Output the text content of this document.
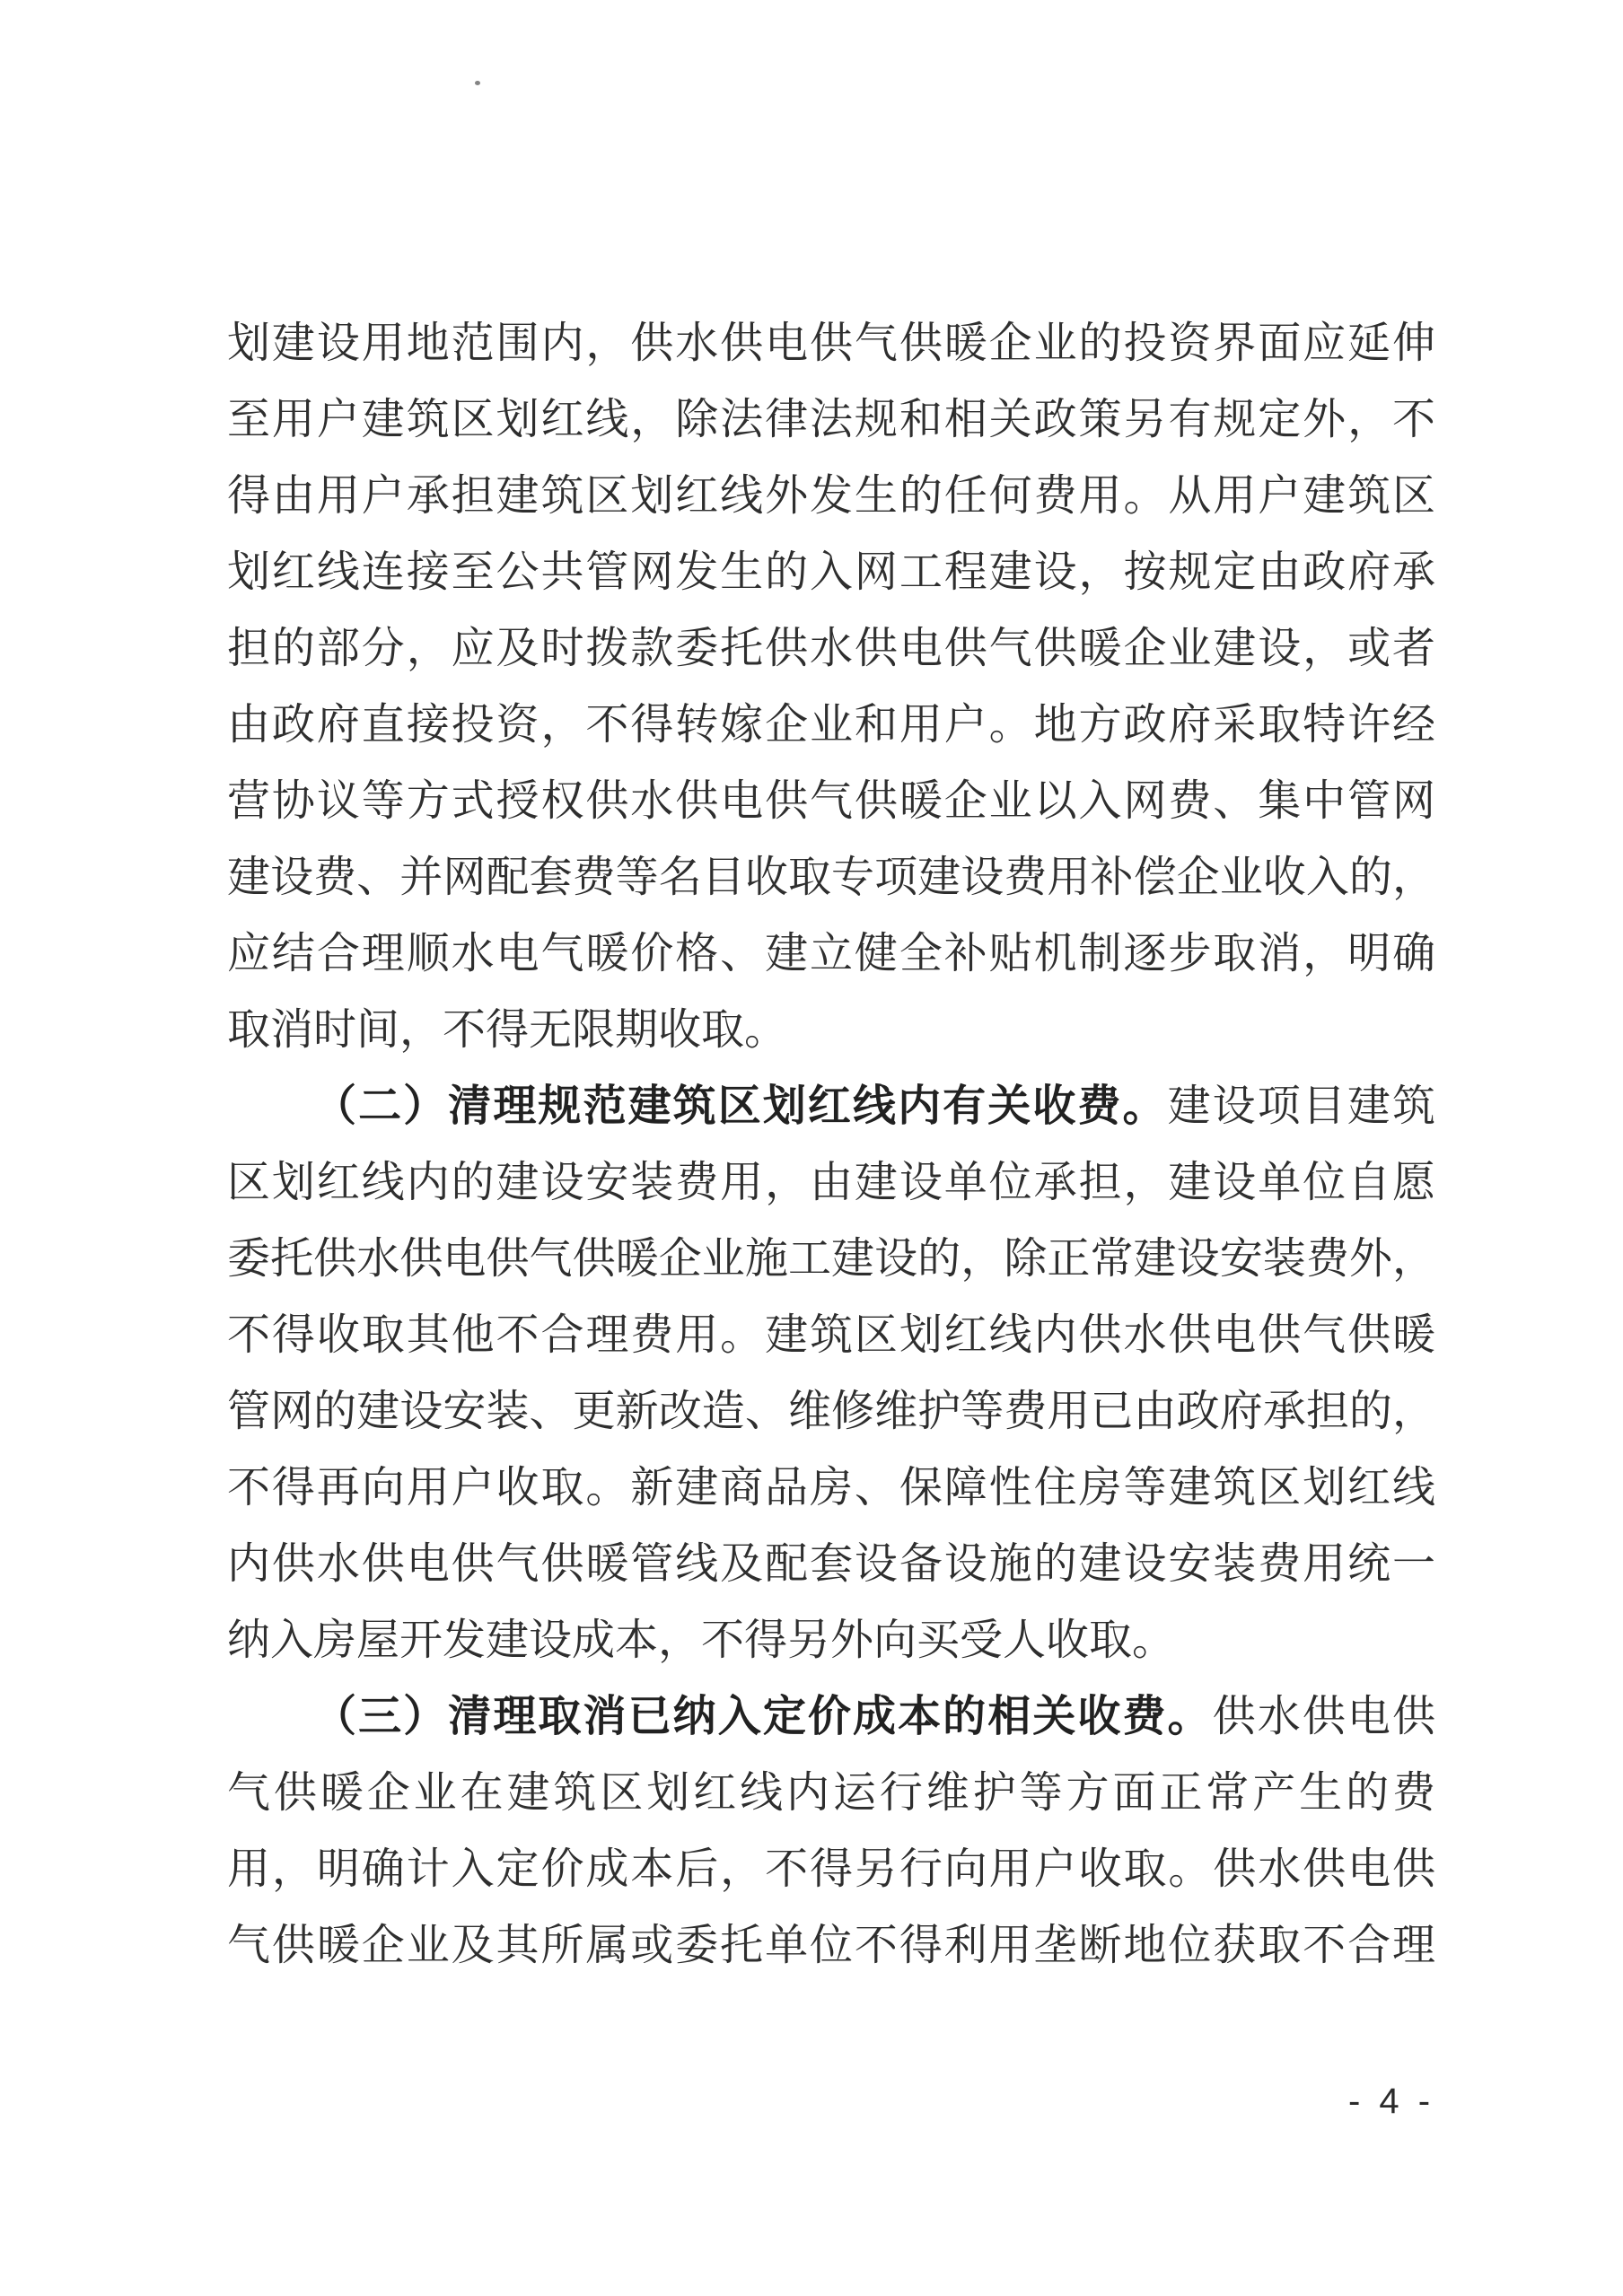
划建设用地范围内，供水供电供气供暖企业的投资界面应延伸
至用户建筑区划红线，除法律法规和相关政策另有规定外，不
得由用户承担建筑区划红线外发生的任何费用。从用户建筑区
划红线连接至公共管网发生的入网工程建设，按规定由政府承
担的部分，应及时拨款委托供水供电供气供暖企业建设，或者
由政府直接投资，不得转嫁企业和用户。地方政府采取特许经
营协议等方式授权供水供电供气供暖企业以入网费、集中管网
建设费、并网配套费等名目收取专项建设费用补偿企业收入的，
应结合理顺水电气暖价格、建立健全补贴机制逐步取消，明确
取消时间，不得无限期收取。
（二）清理规范建筑区划红线内有关收费。建设项目建筑
区划红线内的建设安装费用，由建设单位承担，建设单位自愿
委托供水供电供气供暖企业施工建设的，除正常建设安装费外，
不得收取其他不合理费用。建筑区划红线内供水供电供气供暖
管网的建设安装、更新改造、维修维护等费用已由政府承担的，
不得再向用户收取。新建商品房、保障性住房等建筑区划红线
内供水供电供气供暖管线及配套设备设施的建设安装费用统一
纳入房屋开发建设成本，不得另外向买受人收取。
（三）清理取消已纳入定价成本的相关收费。供水供电供
气供暖企业在建筑区划红线内运行维护等方面正常产生的费
用，明确计入定价成本后，不得另行向用户收取。供水供电供
气供暖企业及其所属或委托单位不得利用垄断地位获取不合理
- 4 -
